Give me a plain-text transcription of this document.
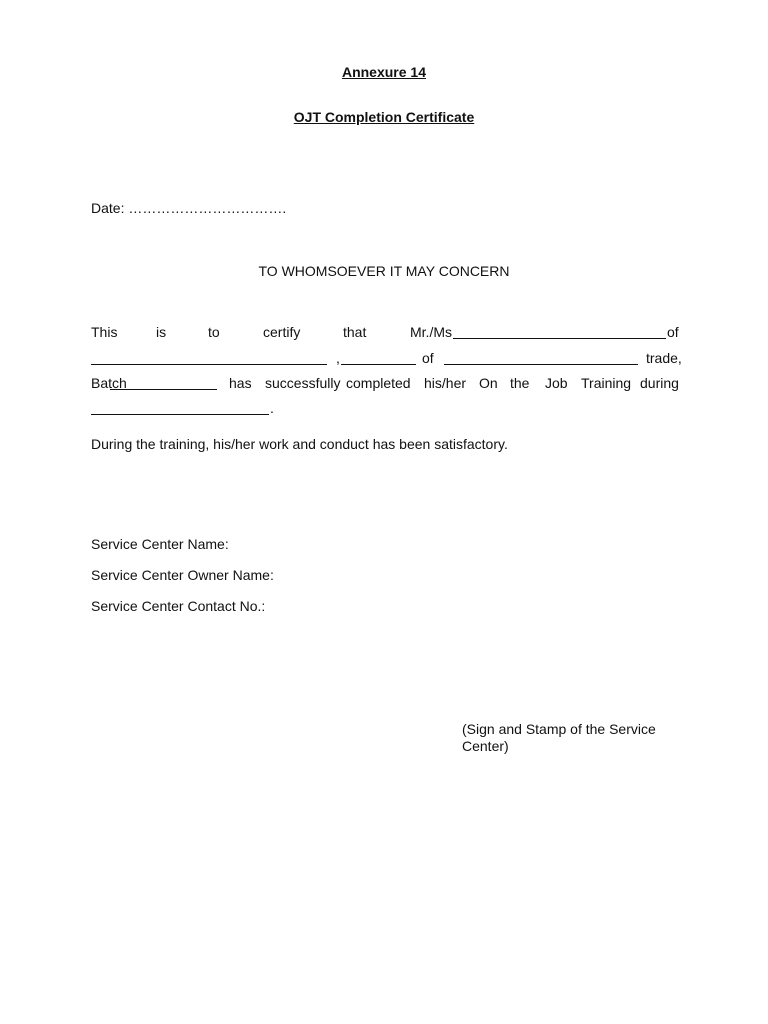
Annexure 14
OJT Completion Certificate
Date: …………………………….
TO WHOMSOEVER IT MAY CONCERN
This	is	to	certify	that	Mr./Ms	of
,	of	trade,
Batch	has successfully completed his/her On the Job Training during
.
During the training, his/her work and conduct has been satisfactory.
Service Center Name:
Service Center Owner Name:
Service Center Contact No.:
(Sign and Stamp of the Service
Center)
